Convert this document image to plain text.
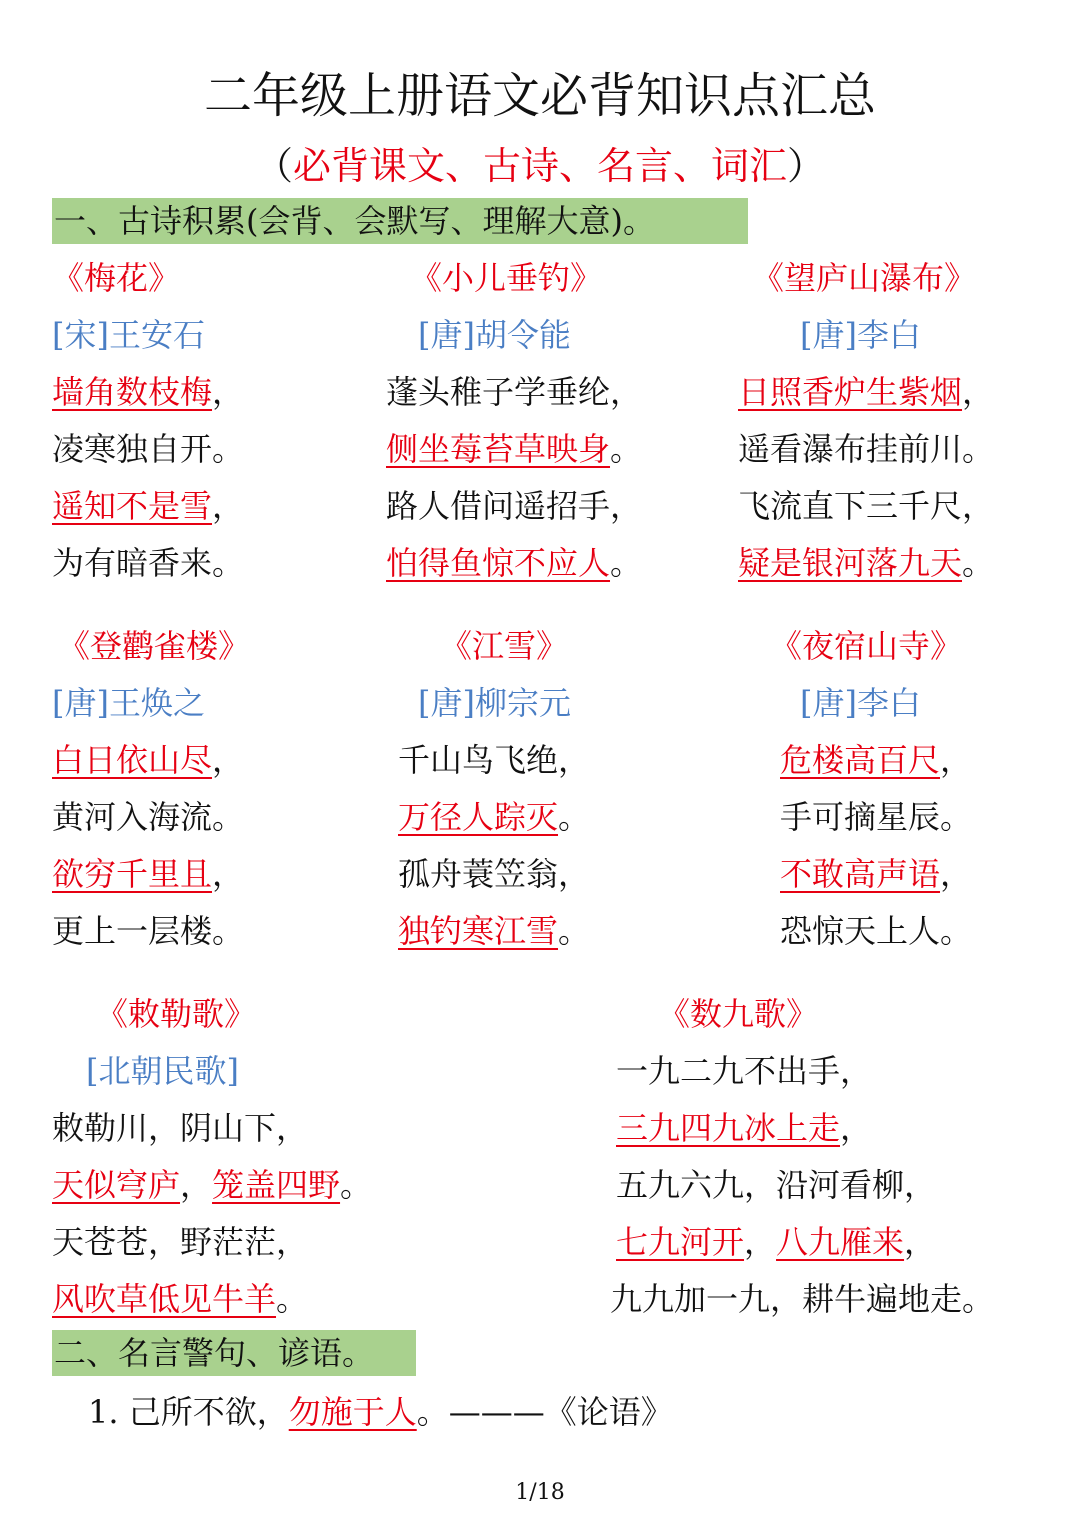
二年级上册语文必背知识点汇总
（必背课文、古诗、名言、词汇）
一、古诗积累(会背、会默写、理解大意)。
《梅花》
[宋]王安石
墙角数枝梅，
凌寒独自开。
遥知不是雪，
为有暗香来。
《小儿垂钓》
[唐]胡令能
蓬头稚子学垂纶，
侧坐莓苔草映身。
路人借问遥招手，
怕得鱼惊不应人。
《望庐山瀑布》
[唐]李白
日照香炉生紫烟，
遥看瀑布挂前川。
飞流直下三千尺，
疑是银河落九天。
《登鹳雀楼》
[唐]王焕之
白日依山尽，
黄河入海流。
欲穷千里且，
更上一层楼。
《江雪》
[唐]柳宗元
千山鸟飞绝，
万径人踪灭。
孤舟蓑笠翁，
独钓寒江雪。
《夜宿山寺》
[唐]李白
危楼高百尺，
手可摘星辰。
不敢高声语，
恐惊天上人。
《敕勒歌》
[北朝民歌]
敕勒川，阴山下，
天似穹庐，笼盖四野。
天苍苍，野茫茫，
风吹草低见牛羊。
《数九歌》
一九二九不出手，
三九四九冰上走，
五九六九，沿河看柳，
七九河开，八九雁来，
九九加一九，耕牛遍地走。
二、名言警句、谚语。
1. 己所不欲，勿施于人。———《论语》
1/18
